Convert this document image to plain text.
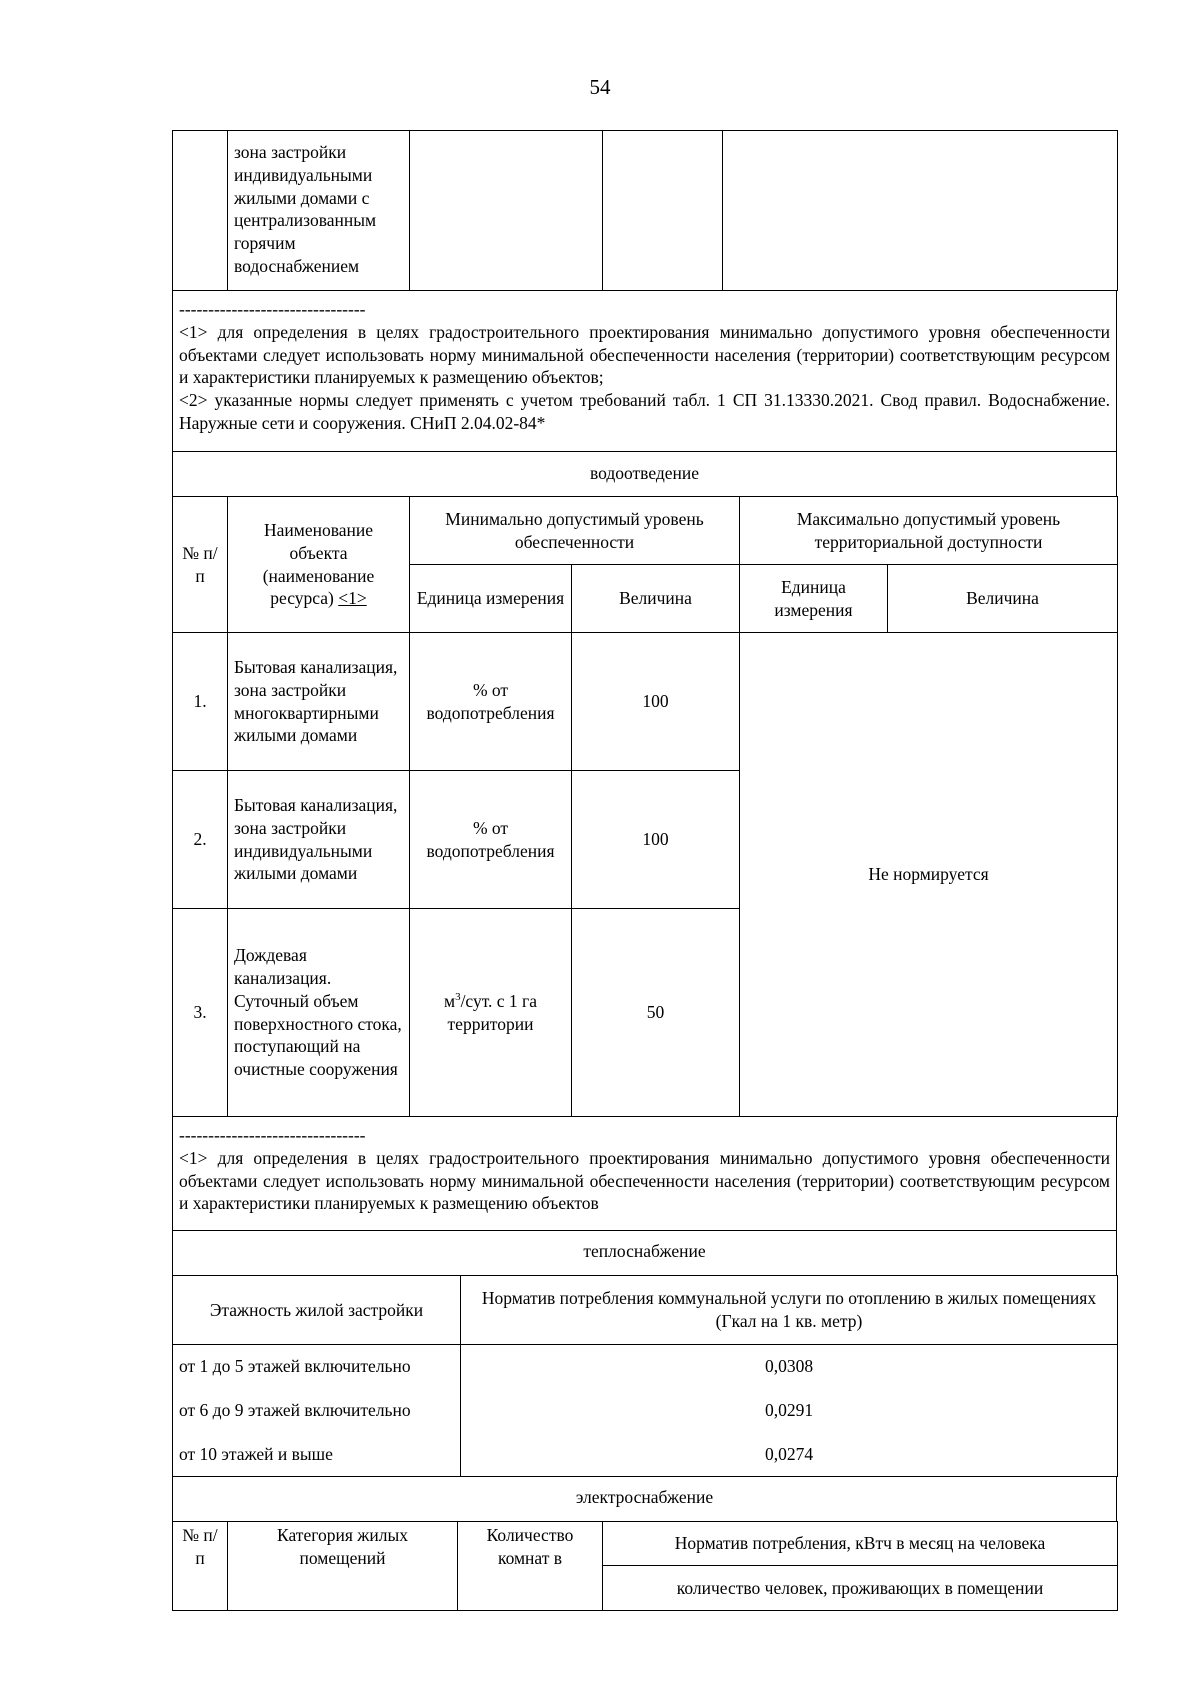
54
	зона застройки индивидуальными жилыми домами с централизованным горячим водоснабжением			

--------------------------------

<1> для определения в целях градостроительного проектирования минимально допустимого уровня обеспеченности объектами следует использовать норму минимальной обеспеченности населения (территории) соответствующим ресурсом и характеристики планируемых к размещению объектов;

<2> указанные нормы следует применять с учетом требований табл. 1 СП 31.13330.2021. Свод правил. Водоснабжение. Наружные сети и сооружения. СНиП 2.04.02-84*

водоотведение
№ п/п	Наименование объекта (наименование ресурса) <1>	Минимально допустимый уровень обеспеченности		Максимально допустимый уровень территориальной доступности	
		Единица измерения	Величина	Единица измерения	Величина
1.	Бытовая канализация, зона застройки многоквартирными жилыми домами	% от водопотребления	100	Не нормируется	
2.	Бытовая канализация, зона застройки индивидуальными жилыми домами	% от водопотребления	100		
3.	Дождевая канализация. Суточный объем поверхностного стока, поступающий на очистные сооружения	$м^3$/сут. с 1 га территории	50		

--------------------------------

<1> для определения в целях градостроительного проектирования минимально допустимого уровня обеспеченности объектами следует использовать норму минимальной обеспеченности населения (территории) соответствующим ресурсом и характеристики планируемых к размещению объектов

теплоснабжение
Этажность жилой застройки	Норматив потребления коммунальной услуги по отоплению в жилых помещениях (Гкал на 1 кв. метр)
от 1 до 5 этажей включительно	0,0308
от 6 до 9 этажей включительно	0,0291
от 10 этажей и выше	0,0274
электроснабжение
№ п/п	Категория жилых помещений	Количество комнат в	Норматив потребления, кВтч в месяц на человека
количество человек, проживающих в помещении
